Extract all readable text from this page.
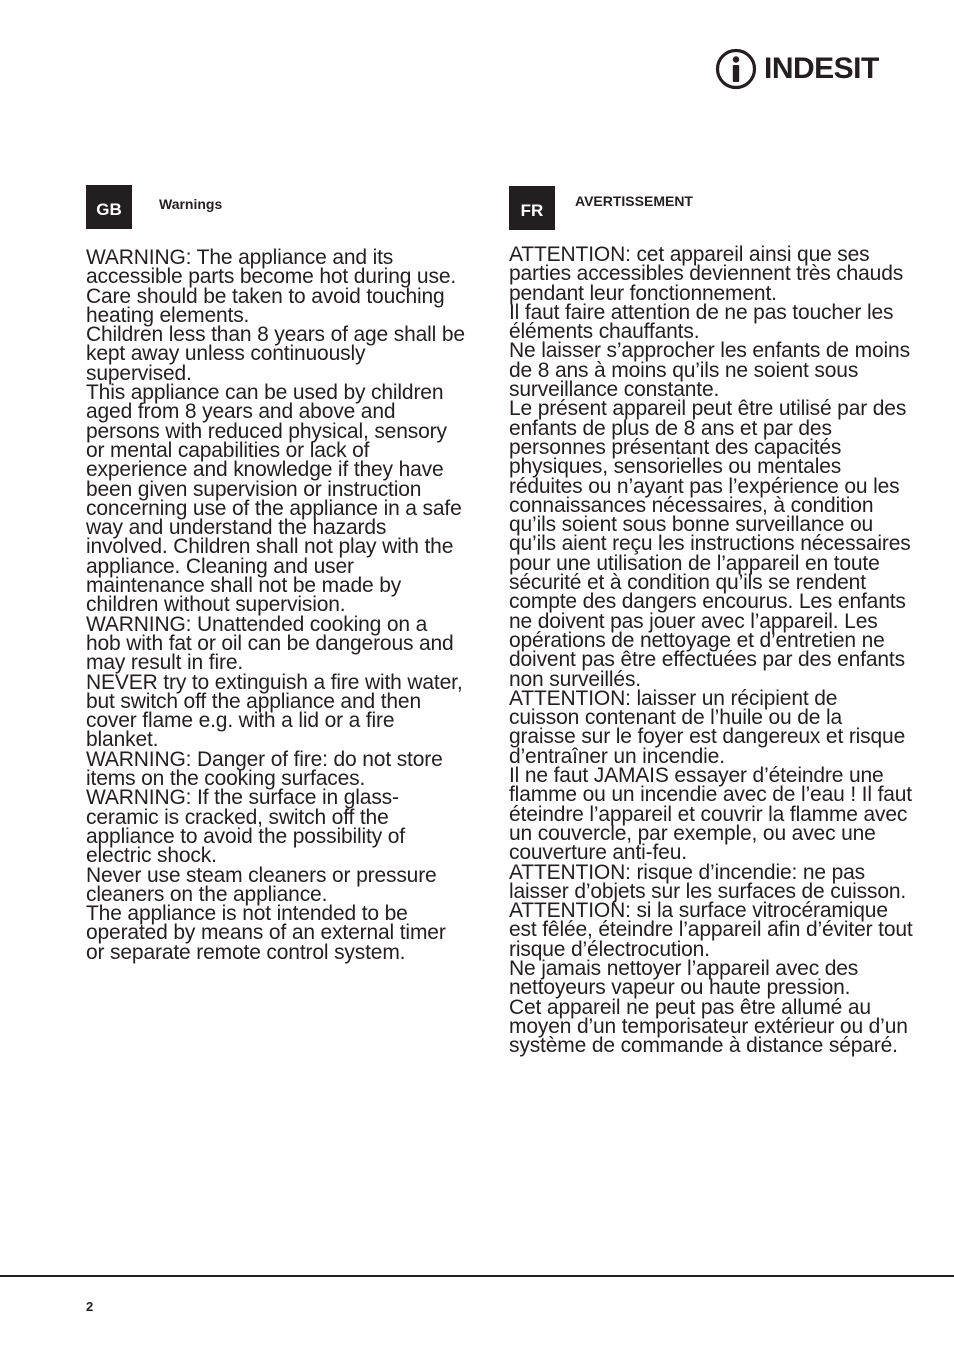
INDESIT
GB	Warnings

WARNING: The appliance and its accessible parts become hot during use.

Care should be taken to avoid touching heating elements.

Children less than 8 years of age shall be kept away unless continuously supervised.

This appliance can be used by children aged from 8 years and above and persons with reduced physical, sensory or mental capabilities or lack of experience and knowledge if they have been given supervision or instruction concerning use of the appliance in a safe way and understand the hazards involved. Children shall not play with the appliance. Cleaning and user maintenance shall not be made by children without supervision.

WARNING: Unattended cooking on a hob with fat or oil can be dangerous and may result in fire.

NEVER try to extinguish a fire with water, but switch off the appliance and then cover flame e.g. with a lid or a fire blanket.

WARNING: Danger of fire: do not store items on the cooking surfaces.

WARNING: If the surface in glass-ceramic is cracked, switch off the appliance to avoid the possibility of electric shock.

Never use steam cleaners or pressure cleaners on the appliance.

The appliance is not intended to be operated by means of an external timer or separate remote control system.

FR	AVERTISSEMENT

ATTENTION: cet appareil ainsi que ses parties accessibles deviennent très chauds pendant leur fonctionnement.

Il faut faire attention de ne pas toucher les éléments chauffants.

Ne laisser s’approcher les enfants de moins de 8 ans à moins qu’ils ne soient sous surveillance constante.

Le présent appareil peut être utilisé par des enfants de plus de 8 ans et par des personnes présentant des capacités physiques, sensorielles ou mentales réduites ou n’ayant pas l’expérience ou les connaissances nécessaires, à condition qu’ils soient sous bonne surveillance ou qu’ils aient reçu les instructions nécessaires pour une utilisation de l’appareil en toute sécurité et à condition qu’ils se rendent compte des dangers encourus. Les enfants ne doivent pas jouer avec l’appareil. Les opérations de nettoyage et d’entretien ne doivent pas être effectuées par des enfants non surveillés.

ATTENTION: laisser un récipient de cuisson contenant de l’huile ou de la graisse sur le foyer est dangereux et risque d’entraîner un incendie.

Il ne faut JAMAIS essayer d’éteindre une flamme ou un incendie avec de l’eau ! Il faut éteindre l’appareil et couvrir la flamme avec un couvercle, par exemple, ou avec une couverture anti-feu.

ATTENTION: risque d’incendie: ne pas laisser d’objets sur les surfaces de cuisson.

ATTENTION: si la surface vitrocéramique est fêlée, éteindre l’appareil afin d’éviter tout risque d’électrocution.

Ne jamais nettoyer l’appareil avec des nettoyeurs vapeur ou haute pression.

Cet appareil ne peut pas être allumé au moyen d’un temporisateur extérieur ou d’un système de commande à distance séparé.

2
